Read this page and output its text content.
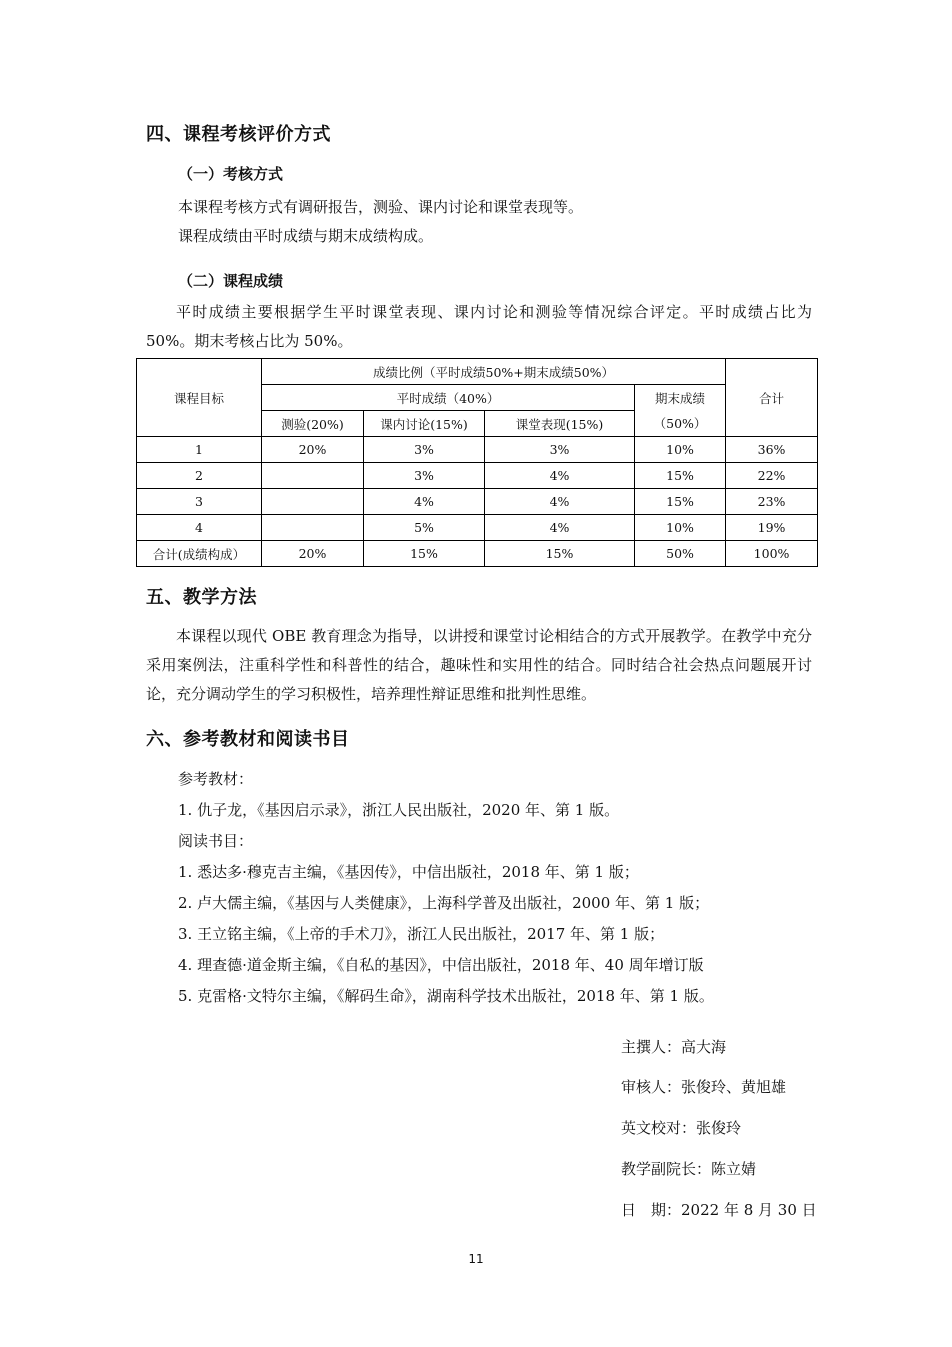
四、课程考核评价方式
（一）考核方式
本课程考核方式有调研报告，测验、课内讨论和课堂表现等。
课程成绩由平时成绩与期末成绩构成。
（二）课程成绩
平时成绩主要根据学生平时课堂表现、课内讨论和测验等情况综合评定。平时成绩占比为 50%。期末考核占比为 50%。
课程目标	成绩比例（平时成绩50%+期末成绩50%）				合计
	平时成绩（40%）			期末成绩
（50%）	

	测验(20%)	课内讨论(15%)	课堂表现(15%)		
1	20%	3%	3%	10%	36%
2		3%	4%	15%	22%
3		4%	4%	15%	23%
4		5%	4%	10%	19%
合计(成绩构成）	20%	15%	15%	50%	100%
五、教学方法
本课程以现代 OBE 教育理念为指导，以讲授和课堂讨论相结合的方式开展教学。在教学中充分采用案例法，注重科学性和科普性的结合，趣味性和实用性的结合。同时结合社会热点问题展开讨论，充分调动学生的学习积极性，培养理性辩证思维和批判性思维。
六、参考教材和阅读书目
参考教材：
1. 仇子龙，《基因启示录》，浙江人民出版社，2020 年、第 1 版。
阅读书目：
1. 悉达多·穆克吉主编，《基因传》，中信出版社，2018 年、第 1 版；
2. 卢大儒主编，《基因与人类健康》，上海科学普及出版社，2000 年、第 1 版；
3. 王立铭主编，《上帝的手术刀》，浙江人民出版社，2017 年、第 1 版；
4. 理查德·道金斯主编，《自私的基因》，中信出版社，2018 年、40 周年增订版
5. 克雷格·文特尔主编，《解码生命》，湖南科学技术出版社，2018 年、第 1 版。
主撰人：高大海
审核人：张俊玲、黄旭雄
英文校对：张俊玲
教学副院长：陈立婧
日　期：2022 年 8 月 30 日
11
